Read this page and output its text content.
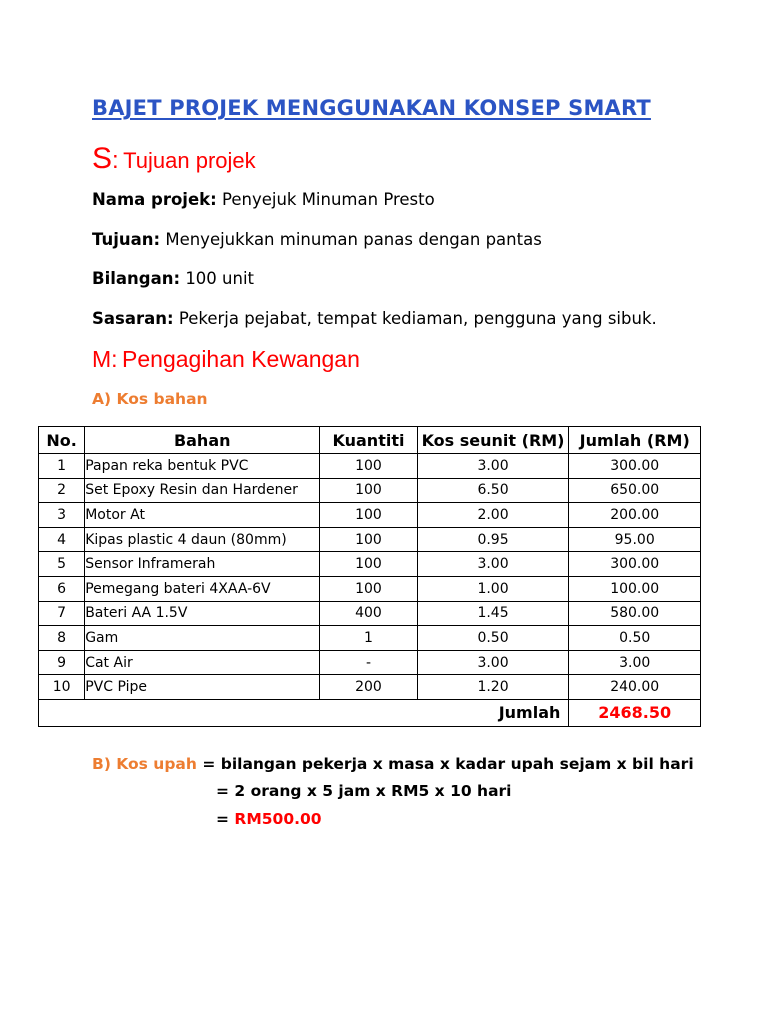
BAJET PROJEK MENGGUNAKAN KONSEP SMART
S: Tujuan projek
Nama projek: Penyejuk Minuman Presto
Tujuan: Menyejukkan minuman panas dengan pantas
Bilangan: 100 unit
Sasaran: Pekerja pejabat, tempat kediaman, pengguna yang sibuk.
M: Pengagihan Kewangan
A) Kos bahan
No.	Bahan	Kuantiti	Kos seunit (RM)	Jumlah (RM)
1	Papan reka bentuk PVC	100	3.00	300.00
2	Set Epoxy Resin dan Hardener	100	6.50	650.00
3	Motor At	100	2.00	200.00
4	Kipas plastic 4 daun (80mm)	100	0.95	95.00
5	Sensor Inframerah	100	3.00	300.00
6	Pemegang bateri 4XAA-6V	100	1.00	100.00
7	Bateri AA 1.5V	400	1.45	580.00
8	Gam	1	0.50	0.50
9	Cat Air	-	3.00	3.00
10	PVC Pipe	200	1.20	240.00
Jumlah				2468.50
B) Kos upah = bilangan pekerja x masa x kadar upah sejam x bil hari
= 2 orang x 5 jam x RM5 x 10 hari
= RM500.00
